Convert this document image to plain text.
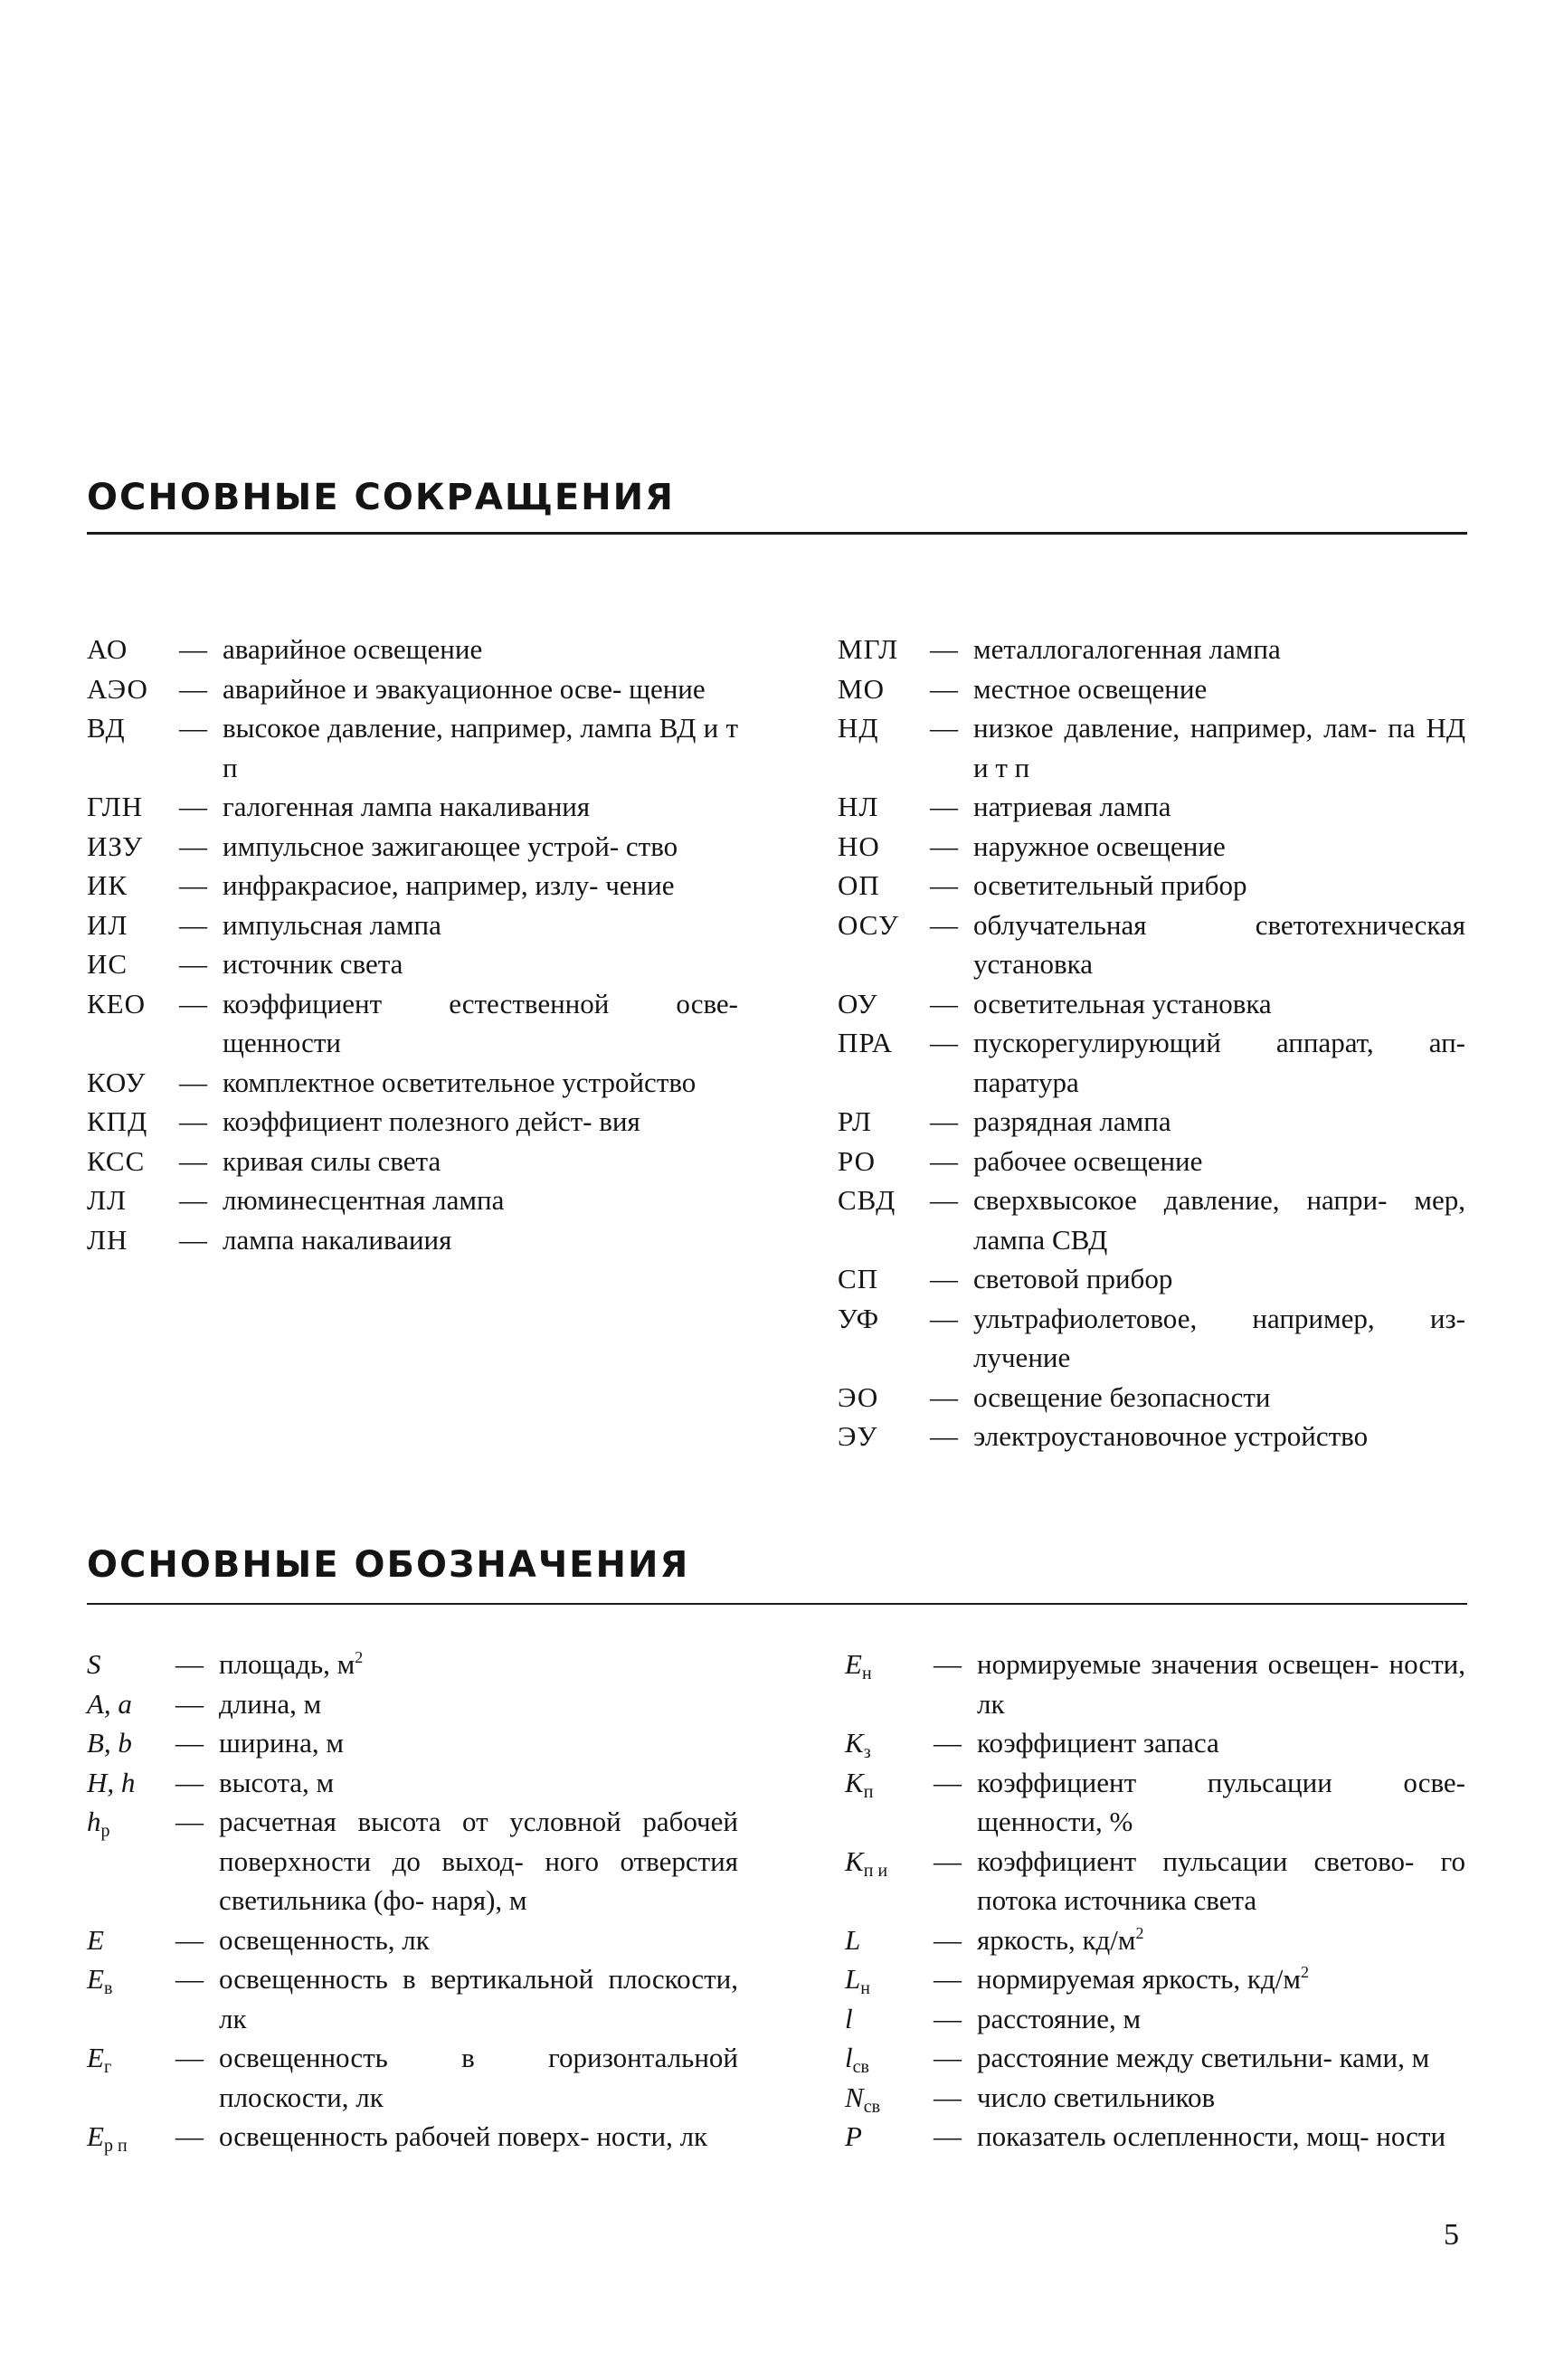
ОСНОВНЫЕ СОКРАЩЕНИЯ
АО	— аварийное освещение
АЭО	— аварийное и эвакуационное осве- щение
ВД	— высокое давление, например, лампа ВД и т п
ГЛН	— галогенная лампа накаливания
ИЗУ	— импульсное зажигающее устрой- ство
ИК	— инфракрасиое, например, излу- чение
ИЛ	— импульсная лампа
ИС	— источник света
КЕО	— коэффициент естественной осве- щенности
КОУ	— комплектное осветительное устройство
КПД	— коэффициент полезного дейст- вия
КСС	— кривая силы света
ЛЛ	— люминесцентная лампа
ЛН	— лампа накаливаиия
МГЛ	— металлогалогенная лампа
МО	— местное освещение
НД	— низкое давление, например, лам- па НД и т п
НЛ	— натриевая лампа
НО	— наружное освещение
ОП	— осветительный прибор
ОСУ	— облучательная светотехническая установка
ОУ	— осветительная установка
ПРА	— пускорегулирующий аппарат, ап- паратура
РЛ	— разрядная лампа
РО	— рабочее освещение
СВД	— сверхвысокое давление, напри- мер, лампа СВД
СП	— световой прибор
УФ	— ультрафиолетовое, например, из- лучение
ЭО	— освещение безопасности
ЭУ	— электроустановочное устройство
ОСНОВНЫЕ ОБОЗНАЧЕНИЯ
S	— площадь, $м^2$
A, a	— длина, м
B, b	— ширина, м
H, h	— высота, м
$h_р$	— расчетная высота от условной рабочей поверхности до выход- ного отверстия светильника (фо- наря), м
E	— освещенность, лк
$E_в$	— освещенность в вертикальной плоскости, лк
$E_г$	— освещенность в горизонтальной плоскости, лк
$E_{р п}$	— освещенность рабочей поверх- ности, лк
$E_н$	— нормируемые значения освещен- ности, лк
$K_з$	— коэффициент запаса
$K_п$	— коэффициент пульсации осве- щенности, %
$K_{п и}$	— коэффициент пульсации светово- го потока источника света
L	— яркость, $кд/м^2$
$L_н$	— нормируемая яркость, $кд/м^2$
l	— расстояние, м
$l_{св}$	— расстояние между светильни- ками, м
$N_{св}$	— число светильников
P	— показатель ослепленности, мощ- ности
5
